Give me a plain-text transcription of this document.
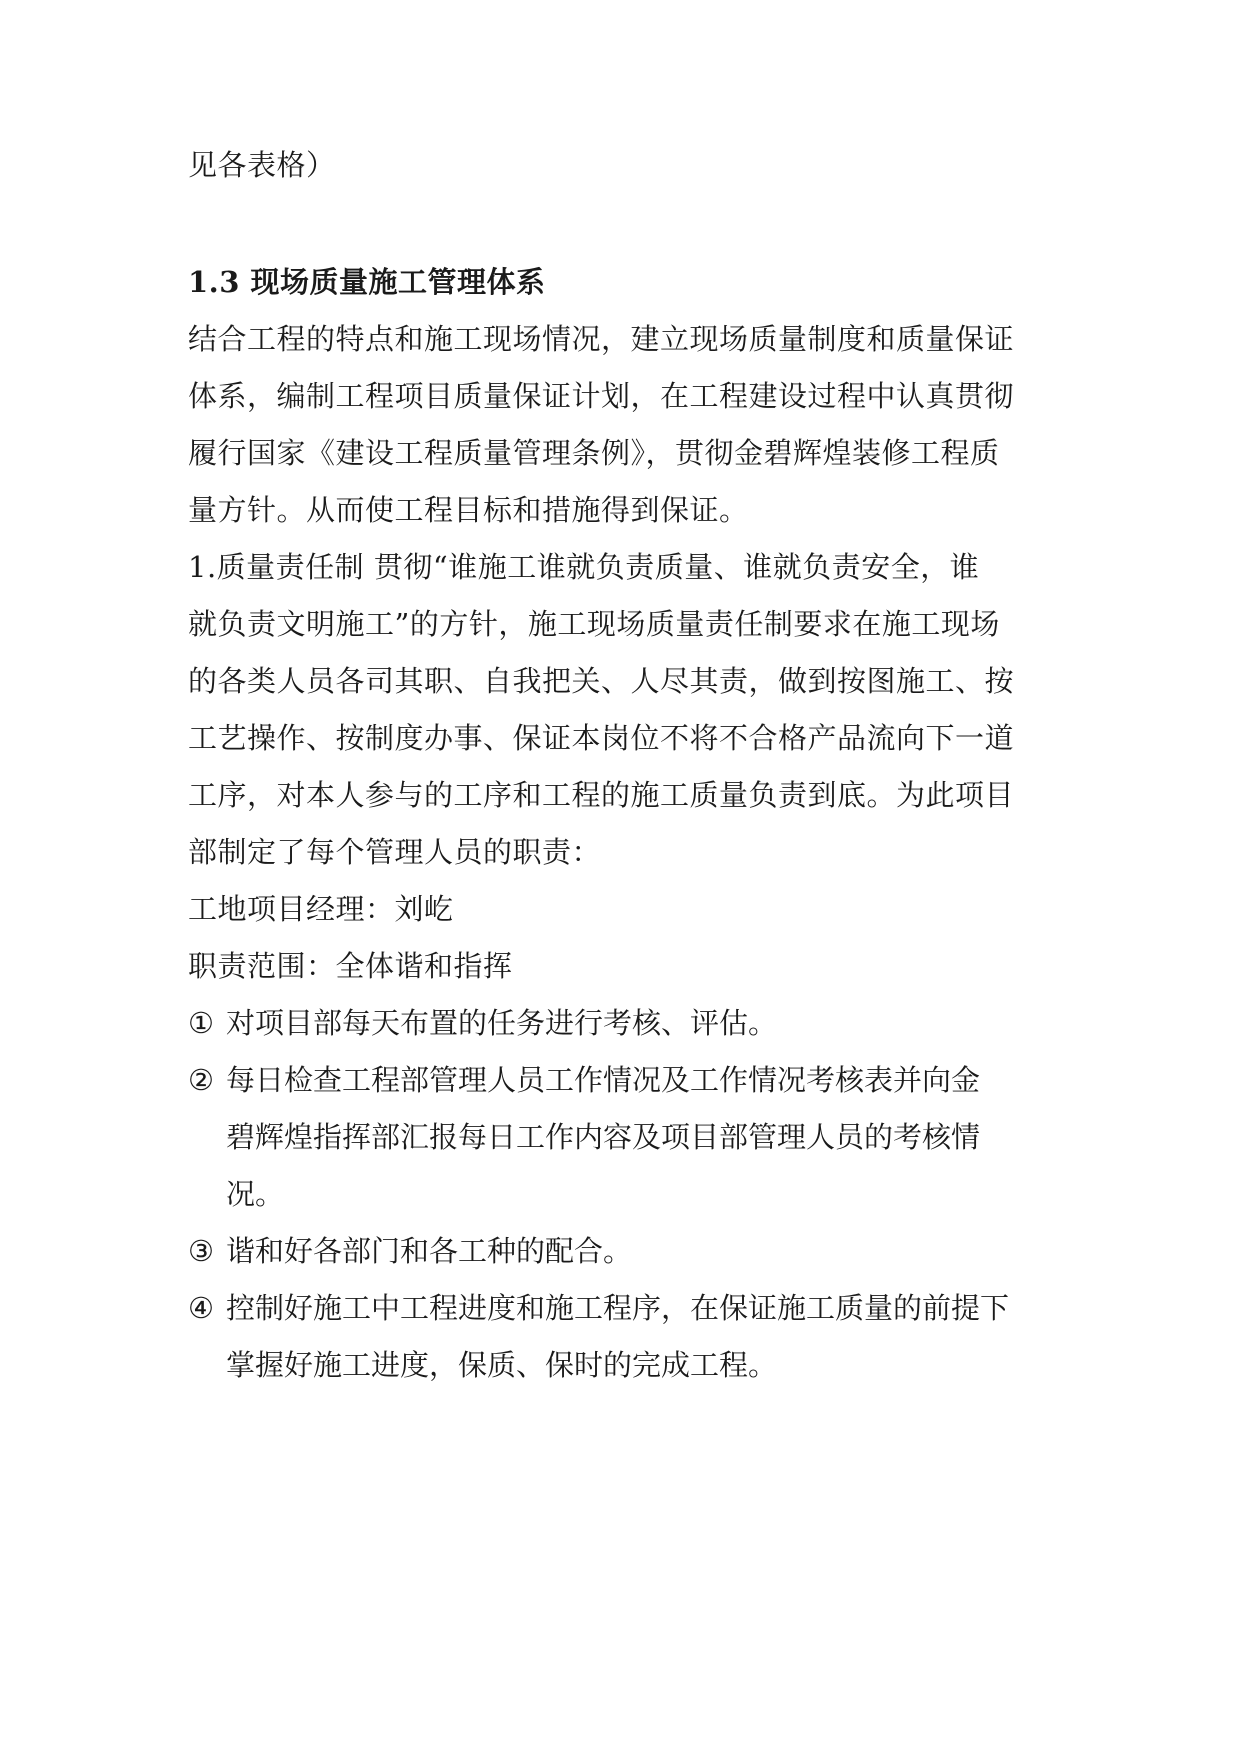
见各表格）
1.3 现场质量施工管理体系
结合工程的特点和施工现场情况，建立现场质量制度和质量保证
体系，编制工程项目质量保证计划，在工程建设过程中认真贯彻
履行国家《建设工程质量管理条例》，贯彻金碧辉煌装修工程质
量方针。从而使工程目标和措施得到保证。
1.质量责任制 贯彻“谁施工谁就负责质量、谁就负责安全，谁
就负责文明施工”的方针，施工现场质量责任制要求在施工现场
的各类人员各司其职、自我把关、人尽其责，做到按图施工、按
工艺操作、按制度办事、保证本岗位不将不合格产品流向下一道
工序，对本人参与的工序和工程的施工质量负责到底。为此项目
部制定了每个管理人员的职责：
工地项目经理：刘屹
职责范围：全体谐和指挥
① 对项目部每天布置的任务进行考核、评估。
② 每日检查工程部管理人员工作情况及工作情况考核表并向金
碧辉煌指挥部汇报每日工作内容及项目部管理人员的考核情
况。
③ 谐和好各部门和各工种的配合。
④ 控制好施工中工程进度和施工程序，在保证施工质量的前提下
掌握好施工进度，保质、保时的完成工程。
